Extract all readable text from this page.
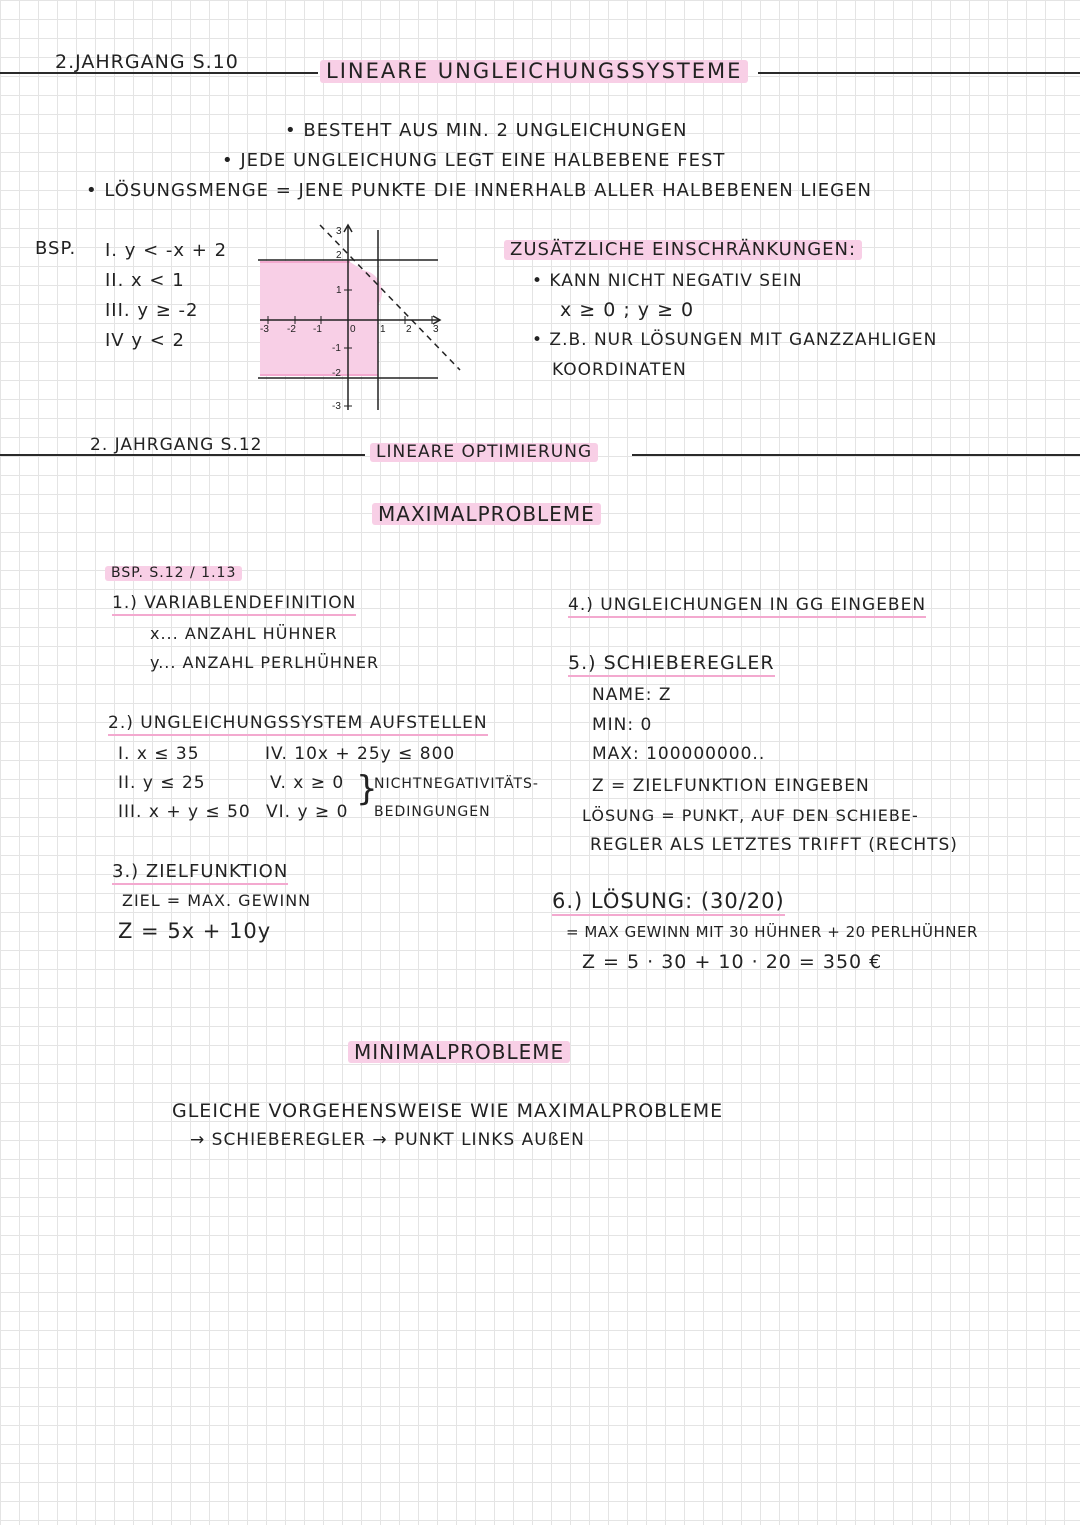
2.JAHRGANG S.10	LINEARE UNGLEICHUNGSSYSTEME
• BESTEHT AUS MIN. 2 UNGLEICHUNGEN
• JEDE UNGLEICHUNG LEGT EINE HALBEBENE FEST
• LÖSUNGSMENGE = JENE PUNKTE DIE INNERHALB ALLER HALBEBENEN LIEGEN
BSP. I. y < -x + 2
II. x < 1
III. y ≥ -2
IV y < 2
-3 -2 -1	0 1 2 3
3
2
1
-1
-2
-3
ZUSÄTZLICHE EINSCHRÄNKUNGEN:
• KANN NICHT NEGATIV SEIN
x ≥ 0 ; y ≥ 0
• Z.B. NUR LÖSUNGEN MIT GANZZAHLIGEN
KOORDINATEN
2. JAHRGANG S.12	LINEARE OPTIMIERUNG
MAXIMALPROBLEME
BSP. S.12 / 1.13
1.) VARIABLENDEFINITION
x... ANZAHL HÜHNER
y... ANZAHL PERLHÜHNER
2.) UNGLEICHUNGSSYSTEM AUFSTELLEN
I. x ≤ 35
II. y ≤ 25
III. x + y ≤ 50
IV. 10x + 25y ≤ 800
V. x ≥ 0
VI. y ≥ 0
}
NICHTNEGATIVITÄTS-
BEDINGUNGEN
3.) ZIELFUNKTION
ZIEL = MAX. GEWINN
Z = 5x + 10y
4.) UNGLEICHUNGEN IN GG EINGEBEN
5.) SCHIEBEREGLER
NAME: Z
MIN: 0
MAX: 100000000..
Z = ZIELFUNKTION EINGEBEN
LÖSUNG = PUNKT, AUF DEN SCHIEBE-
REGLER ALS LETZTES TRIFFT (RECHTS)
6.) LÖSUNG: (30/20)
= MAX GEWINN MIT 30 HÜHNER + 20 PERLHÜHNER
Z = 5 · 30 + 10 · 20 = 350 €
MINIMALPROBLEME
GLEICHE VORGEHENSWEISE WIE MAXIMALPROBLEME
→ SCHIEBEREGLER → PUNKT LINKS AUßEN
